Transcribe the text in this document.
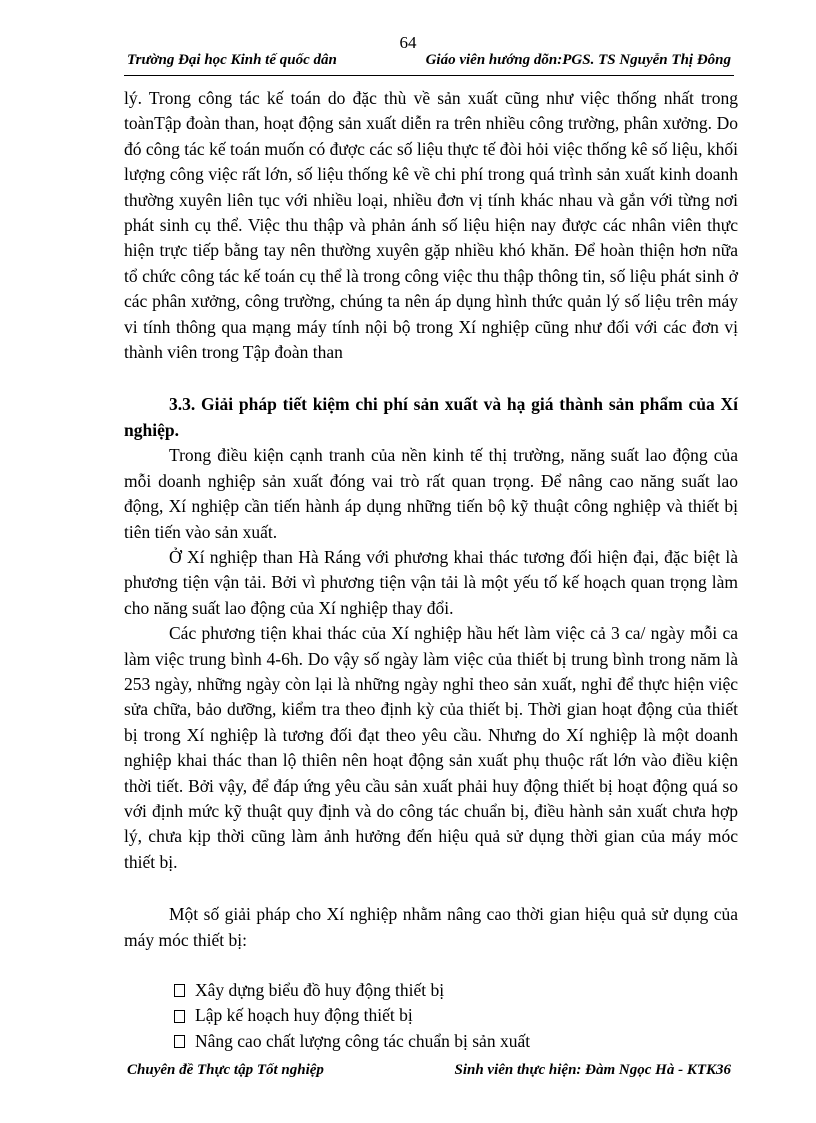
64
Trường Đại học Kinh tế quốc dân	Giáo viên hướng dõn:PGS. TS Nguyễn Thị Đông

lý. Trong công tác kế toán do đặc thù về sản xuất cũng như việc thống nhất trong toànTập đoàn than, hoạt động sản xuất diễn ra trên nhiều công trường, phân xưởng. Do đó công tác kế toán muốn có được các số liệu thực tế đòi hỏi việc thống kê số liệu, khối lượng công việc rất lớn, số liệu thống kê về chi phí trong quá trình sản xuất kinh doanh thường xuyên liên tục với nhiều loại, nhiều đơn vị tính khác nhau và gắn với từng nơi phát sinh cụ thể. Việc thu thập và phản ánh số liệu hiện nay được các nhân viên thực hiện trực tiếp bằng tay nên thường xuyên gặp nhiều khó khăn. Để hoàn thiện hơn nữa tổ chức công tác kế toán cụ thể là trong công việc thu thập thông tin, số liệu phát sinh ở các phân xưởng, công trường, chúng ta nên áp dụng hình thức quản lý số liệu trên máy vi tính thông qua mạng máy tính nội bộ trong Xí nghiệp cũng như đối với các đơn vị thành viên trong Tập đoàn than

3.3. Giải pháp tiết kiệm chi phí sản xuất và hạ giá thành sản phẩm của Xí nghiệp.

Trong điều kiện cạnh tranh của nền kinh tế thị trường, năng suất lao động của mỗi doanh nghiệp sản xuất đóng vai trò rất quan trọng. Để nâng cao năng suất lao động, Xí nghiệp cần tiến hành áp dụng những tiến bộ kỹ thuật công nghiệp và thiết bị tiên tiến vào sản xuất.

Ở Xí nghiệp than Hà Ráng với phương khai thác tương đối hiện đại, đặc biệt là phương tiện vận tải. Bởi vì phương tiện vận tải là một yếu tố kế hoạch quan trọng làm cho năng suất lao động của Xí nghiệp thay đổi.

Các phương tiện khai thác của Xí nghiệp hầu hết làm việc cả 3 ca/ ngày mỗi ca làm việc trung bình 4-6h. Do vậy số ngày làm việc của thiết bị trung bình trong năm là 253 ngày, những ngày còn lại là những ngày nghỉ theo sản xuất, nghỉ để thực hiện việc sửa chữa, bảo dưỡng, kiểm tra theo định kỳ của thiết bị. Thời gian hoạt động của thiết bị trong Xí nghiệp là tương đối đạt theo yêu cầu. Nhưng do Xí nghiệp là một doanh nghiệp khai thác than lộ thiên nên hoạt động sản xuất phụ thuộc rất lớn vào điều kiện thời tiết. Bởi vậy, để đáp ứng yêu cầu sản xuất phải huy động thiết bị hoạt động quá so với định mức kỹ thuật quy định và do công tác chuẩn bị, điều hành sản xuất chưa hợp lý, chưa kịp thời cũng làm ảnh hưởng đến hiệu quả sử dụng thời gian của máy móc thiết bị.

Một số giải pháp cho Xí nghiệp nhằm nâng cao thời gian hiệu quả sử dụng của máy móc thiết bị:

Xây dựng biểu đồ huy động thiết bị
Lập kế hoạch huy động thiết bị
Nâng cao chất lượng công tác chuẩn bị sản xuất
Chuyên đề Thực tập Tốt nghiệp	Sinh viên thực hiện: Đàm Ngọc Hà - KTK36
